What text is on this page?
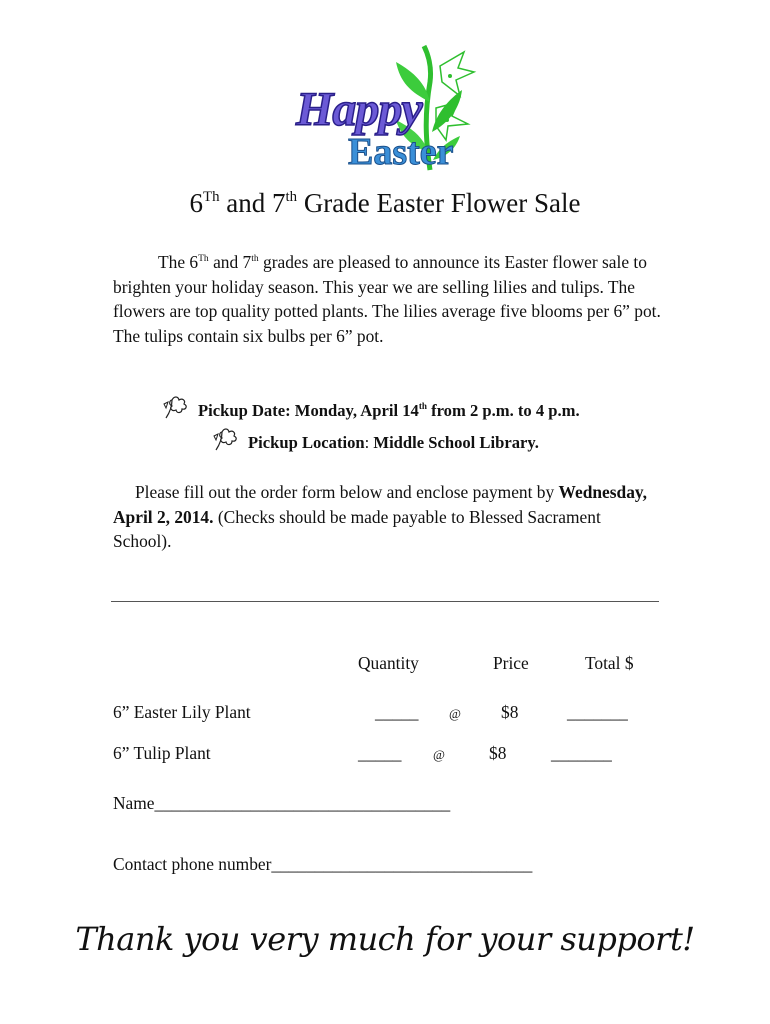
Happy
Easter
6Th and 7th Grade Easter Flower Sale
The 6Th and 7th grades are pleased to announce its Easter flower sale to brighten your holiday season. This year we are selling lilies and tulips. The flowers are top quality potted plants. The lilies average five blooms per 6” pot. The tulips contain six bulbs per 6” pot.
Pickup Date: Monday, April 14th from 2 p.m. to 4 p.m.
Pickup Location: Middle School Library.
Please fill out the order form below and enclose payment by Wednesday, April 2, 2014. (Checks should be made payable to Blessed Sacrament School).
Quantity	Price	Total $
6” Easter Lily Plant	_____ @ $8	_______
6” Tulip Plant	_____ @	$8	_______
Name__________________________________
Contact phone number______________________________
Thank you very much for your support!
